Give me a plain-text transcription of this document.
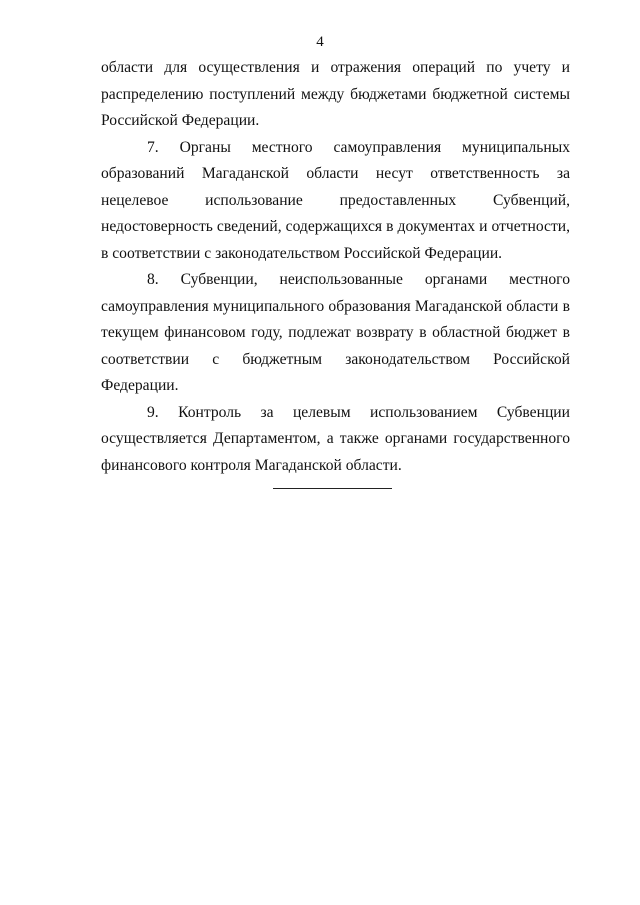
4

области для осуществления и отражения операций по учету и распределению поступлений между бюджетами бюджетной системы Российской Федерации.

7. Органы местного самоуправления муниципальных образований Магаданской области несут ответственность за нецелевое использование предоставленных Субвенций, недостоверность сведений, содержащихся в документах и отчетности, в соответствии с законодательством Российской Федерации.

8. Субвенции, неиспользованные органами местного самоуправления муниципального образования Магаданской области в текущем финансовом году, подлежат возврату в областной бюджет в соответствии с бюджетным законодательством Российской Федерации.

9. Контроль за целевым использованием Субвенции осуществляется Департаментом, а также органами государственного финансового контроля Магаданской области.
